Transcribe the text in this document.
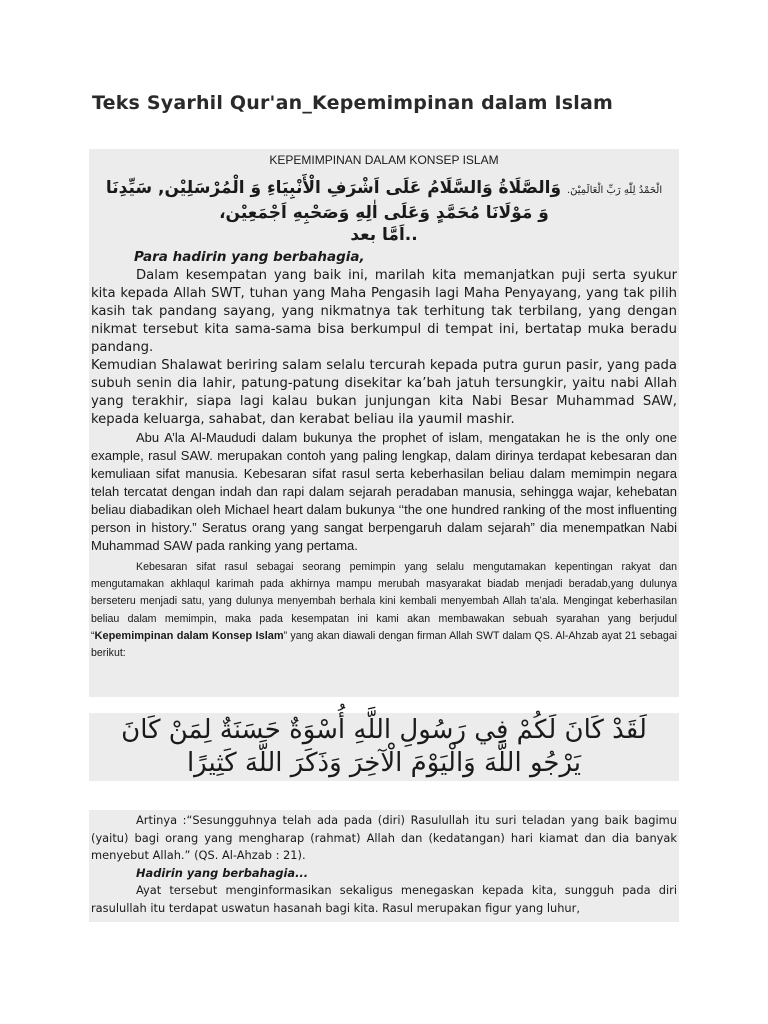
Teks Syarhil Qur'an_Kepemimpinan dalam Islam
KEPEMIMPINAN DALAM KONSEP ISLAM
الْحَمْدُ لِلّٰهِ رَبِّ الْعَالَمِيْنَ. وَالصَّلَاةُ وَالسَّلَامُ عَلَى اَشْرَفِ الْأَنْبِيَاءِ وَ الْمُرْسَلِيْن, سَيِّدِنَا
وَ مَوْلَانَا مُحَمَّدٍ وَعَلَى اٰلِهِ وَصَحْبِهِ اَجْمَعِيْن،
..اَمَّا بعد
Para hadirin yang berbahagia,

Dalam kesempatan yang baik ini, marilah kita memanjatkan puji serta syukur kita kepada Allah SWT, tuhan yang Maha Pengasih lagi Maha Penyayang, yang tak pilih kasih tak pandang sayang, yang nikmatnya tak terhitung tak terbilang, yang dengan nikmat tersebut kita sama-sama bisa berkumpul di tempat ini, bertatap muka beradu pandang.

Kemudian Shalawat beriring salam selalu tercurah kepada putra gurun pasir, yang pada subuh senin dia lahir, patung-patung disekitar ka’bah jatuh tersungkir, yaitu nabi Allah yang terakhir, siapa lagi kalau bukan junjungan kita Nabi Besar Muhammad SAW, kepada keluarga, sahabat, dan kerabat beliau ila yaumil mashir.

Abu A’la Al-Maududi dalam bukunya the prophet of islam, mengatakan he is the only one example, rasul SAW. merupakan contoh yang paling lengkap, dalam dirinya terdapat kebesaran dan kemuliaan sifat manusia. Kebesaran sifat rasul serta keberhasilan beliau dalam memimpin negara telah tercatat dengan indah dan rapi dalam sejarah peradaban manusia, sehingga wajar, kehebatan beliau diabadikan oleh Michael heart dalam bukunya ‘‘the one hundred ranking of the most influenting person in history.” Seratus orang yang sangat berpengaruh dalam sejarah” dia menempatkan Nabi Muhammad SAW pada ranking yang pertama.

Kebesaran sifat rasul sebagai seorang pemimpin yang selalu mengutamakan kepentingan rakyat dan mengutamakan akhlaqul karimah pada akhirnya mampu merubah masyarakat biadab menjadi beradab,yang dulunya berseteru menjadi satu, yang dulunya menyembah berhala kini kembali menyembah Allah ta’ala. Mengingat keberhasilan beliau dalam memimpin, maka pada kesempatan ini kami akan membawakan sebuah syarahan yang berjudul “Kepemimpinan dalam Konsep Islam” yang akan diawali dengan firman Allah SWT dalam QS. Al-Ahzab ayat 21 sebagai berikut:

لَقَدْ كَانَ لَكُمْ فِي رَسُولِ اللَّهِ أُسْوَةٌ حَسَنَةٌ لِمَنْ كَانَ
يَرْجُو اللَّهَ وَالْيَوْمَ الْآخِرَ وَذَكَرَ اللَّهَ كَثِيرًا

Artinya :“Sesungguhnya telah ada pada (diri) Rasulullah itu suri teladan yang baik bagimu (yaitu) bagi orang yang mengharap (rahmat) Allah dan (kedatangan) hari kiamat dan dia banyak menyebut Allah.” (QS. Al-Ahzab : 21).

Hadirin yang berbahagia...

Ayat tersebut menginformasikan sekaligus menegaskan kepada kita, sungguh pada diri rasulullah itu terdapat uswatun hasanah bagi kita. Rasul merupakan figur yang luhur,
